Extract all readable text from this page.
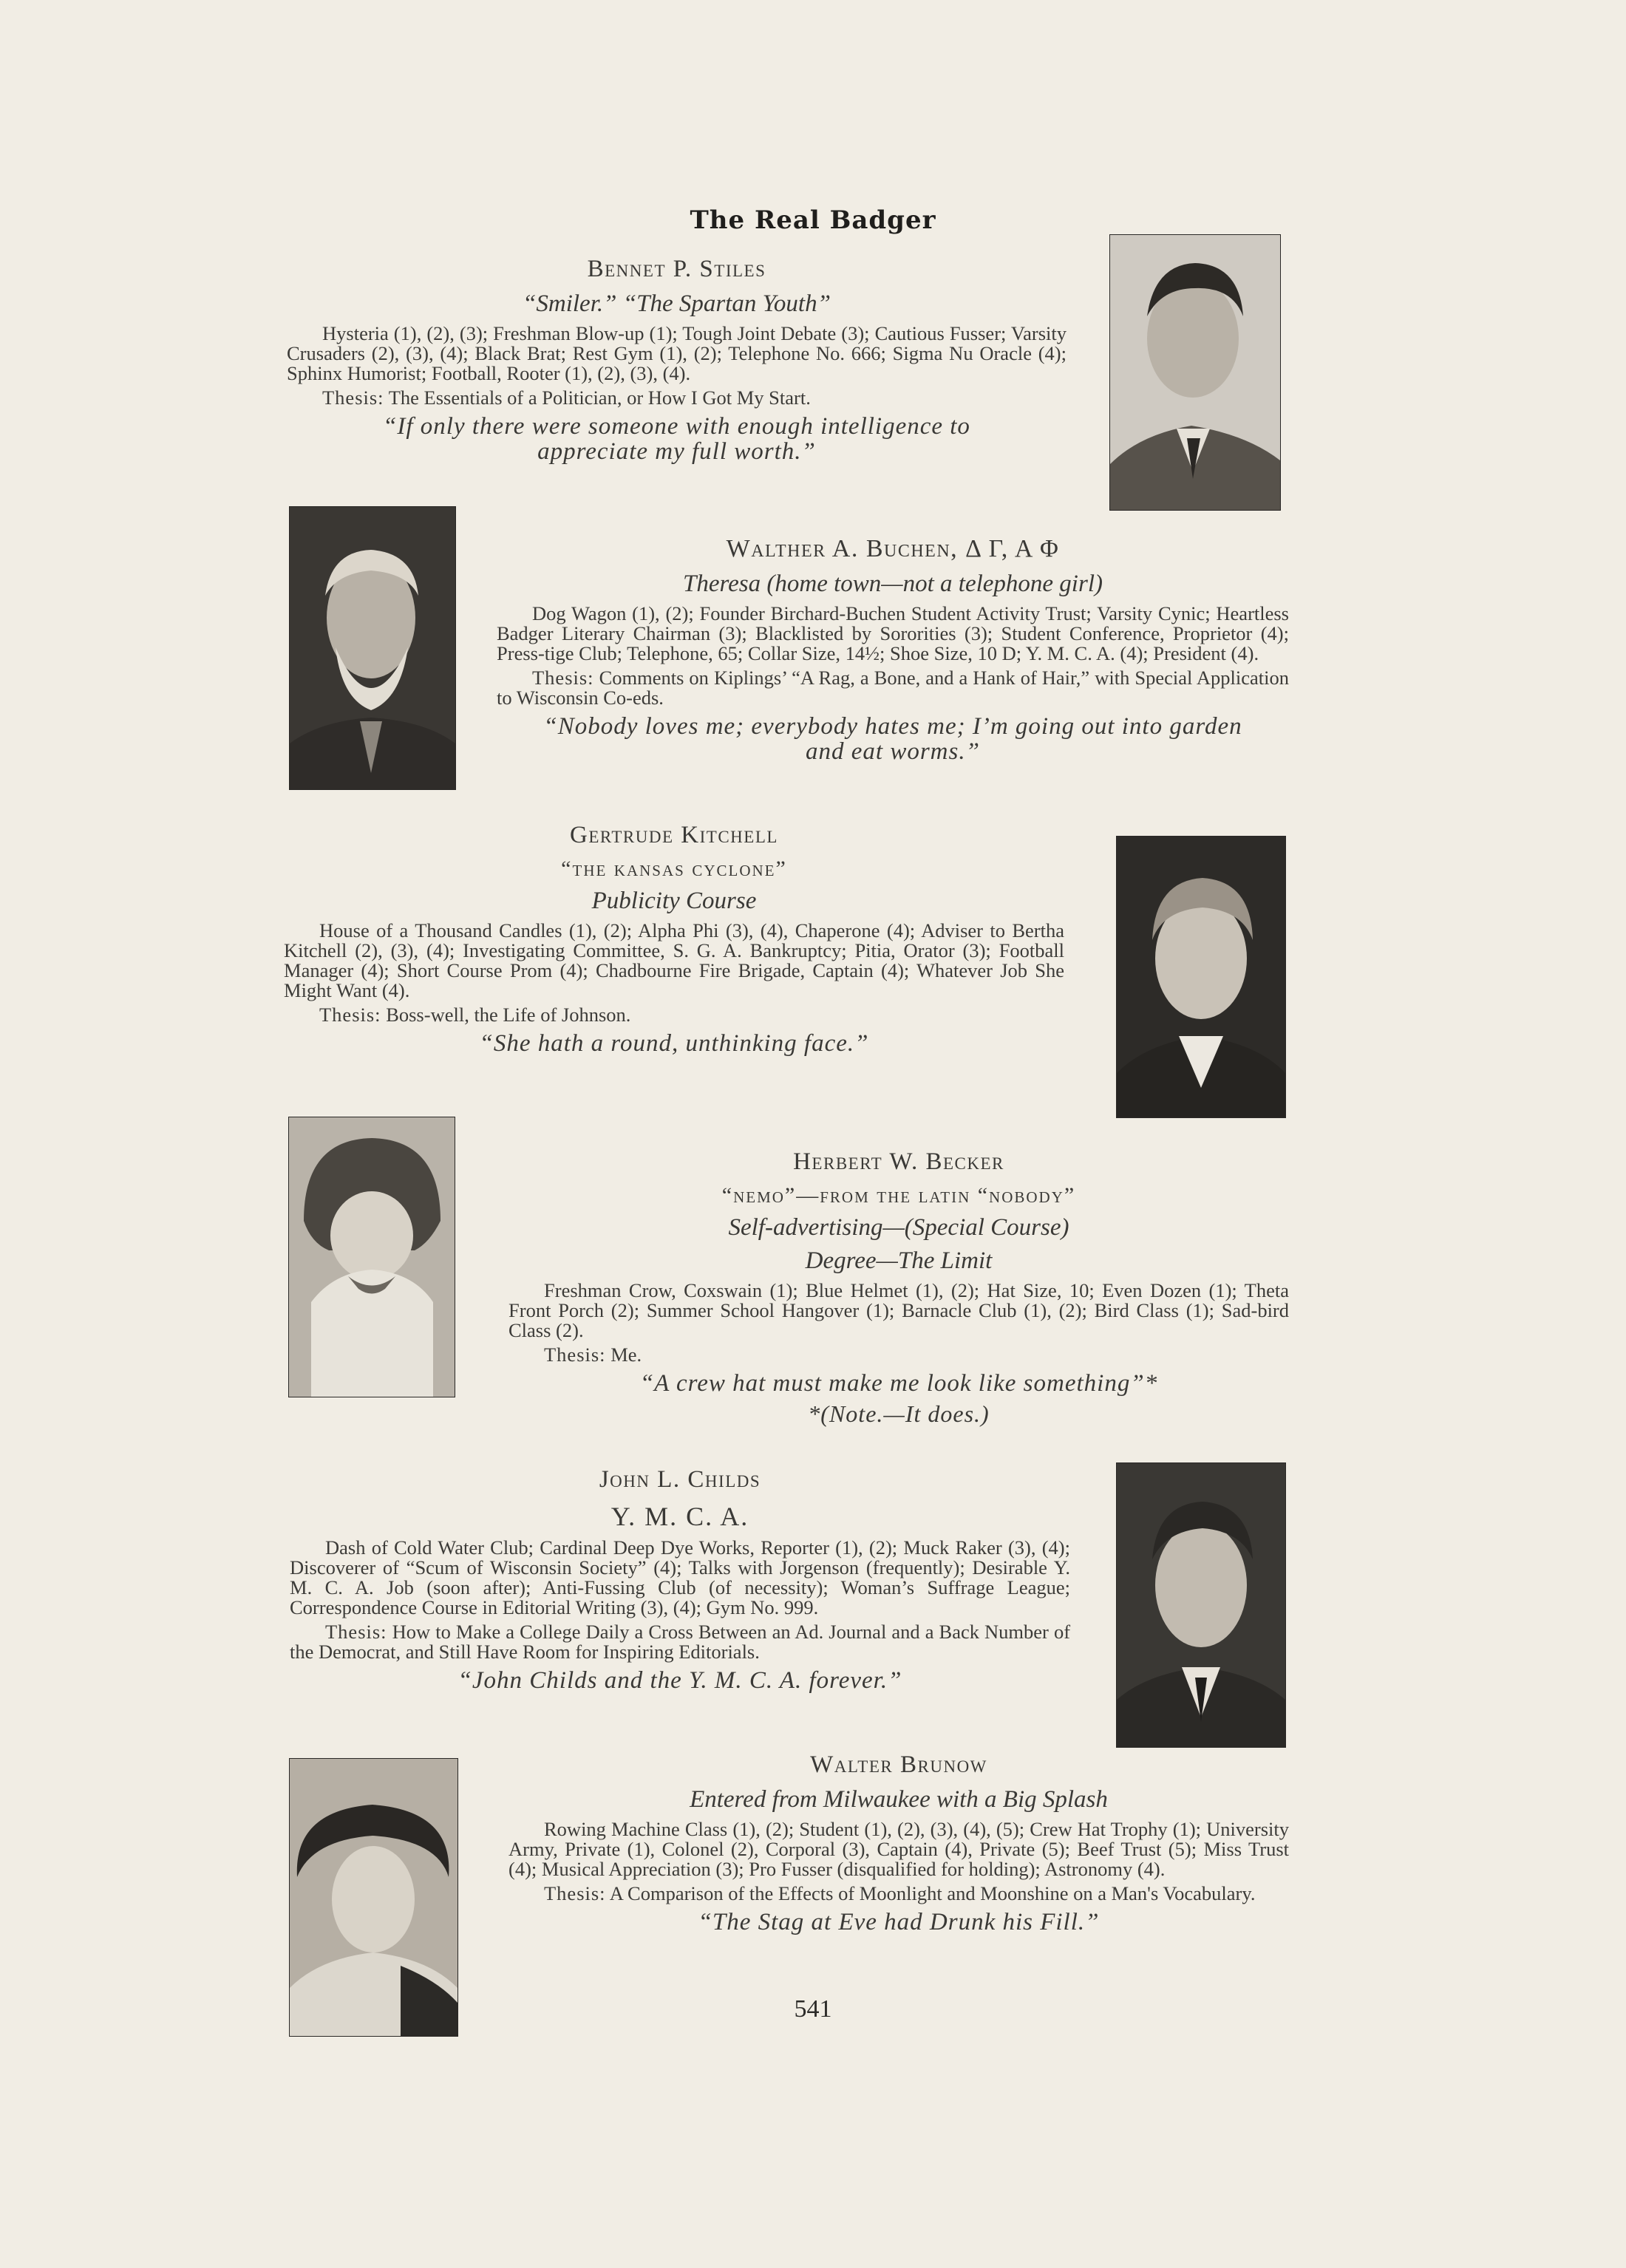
The Real Badger
Bennet P. Stiles
“Smiler.” “The Spartan Youth”

Hysteria (1), (2), (3); Freshman Blow-up (1); Tough Joint Debate (3); Cautious Fusser; Varsity Crusaders (2), (3), (4); Black Brat; Rest Gym (1), (2); Telephone No. 666; Sigma Nu Oracle (4); Sphinx Humorist; Football, Rooter (1), (2), (3), (4).

Thesis: The Essentials of a Politician, or How I Got My Start.

“If only there were someone with enough intelligence to appreciate my full worth.”
Walther A. Buchen, Δ Γ, Α Φ
Theresa (home town—not a telephone girl)

Dog Wagon (1), (2); Founder Birchard-Buchen Student Activity Trust; Varsity Cynic; Heartless Badger Literary Chairman (3); Blacklisted by Sororities (3); Student Conference, Proprietor (4); Press-tige Club; Telephone, 65; Collar Size, 14½; Shoe Size, 10 D; Y. M. C. A. (4); President (4).

Thesis: Comments on Kiplings’ “A Rag, a Bone, and a Hank of Hair,” with Special Application to Wisconsin Co-eds.

“Nobody loves me; everybody hates me; I’m going out into garden and eat worms.”
Gertrude Kitchell
“the kansas cyclone”
Publicity Course

House of a Thousand Candles (1), (2); Alpha Phi (3), (4), Chaperone (4); Adviser to Bertha Kitchell (2), (3), (4); Investigating Committee, S. G. A. Bankruptcy; Pitia, Orator (3); Football Manager (4); Short Course Prom (4); Chadbourne Fire Brigade, Captain (4); Whatever Job She Might Want (4).

Thesis: Boss-well, the Life of Johnson.

“She hath a round, unthinking face.”
Herbert W. Becker
“nemo”—from the latin “nobody”
Self-advertising—(Special Course)
Degree—The Limit

Freshman Crow, Coxswain (1); Blue Helmet (1), (2); Hat Size, 10; Even Dozen (1); Theta Front Porch (2); Summer School Hangover (1); Barnacle Club (1), (2); Bird Class (1); Sad-bird Class (2).

Thesis: Me.

“A crew hat must make me look like something”*
*(Note.—It does.)
John L. Childs
Y. M. C. A.

Dash of Cold Water Club; Cardinal Deep Dye Works, Reporter (1), (2); Muck Raker (3), (4); Discoverer of “Scum of Wisconsin Society” (4); Talks with Jorgenson (frequently); Desirable Y. M. C. A. Job (soon after); Anti-Fussing Club (of necessity); Woman’s Suffrage League; Correspondence Course in Editorial Writing (3), (4); Gym No. 999.

Thesis: How to Make a College Daily a Cross Between an Ad. Journal and a Back Number of the Democrat, and Still Have Room for Inspiring Editorials.

“John Childs and the Y. M. C. A. forever.”
Walter Brunow
Entered from Milwaukee with a Big Splash

Rowing Machine Class (1), (2); Student (1), (2), (3), (4), (5); Crew Hat Trophy (1); University Army, Private (1), Colonel (2), Corporal (3), Captain (4), Private (5); Beef Trust (5); Miss Trust (4); Musical Appreciation (3); Pro Fusser (disqualified for holding); Astronomy (4).

Thesis: A Comparison of the Effects of Moonlight and Moonshine on a Man's Vocabulary.

“The Stag at Eve had Drunk his Fill.”
541
